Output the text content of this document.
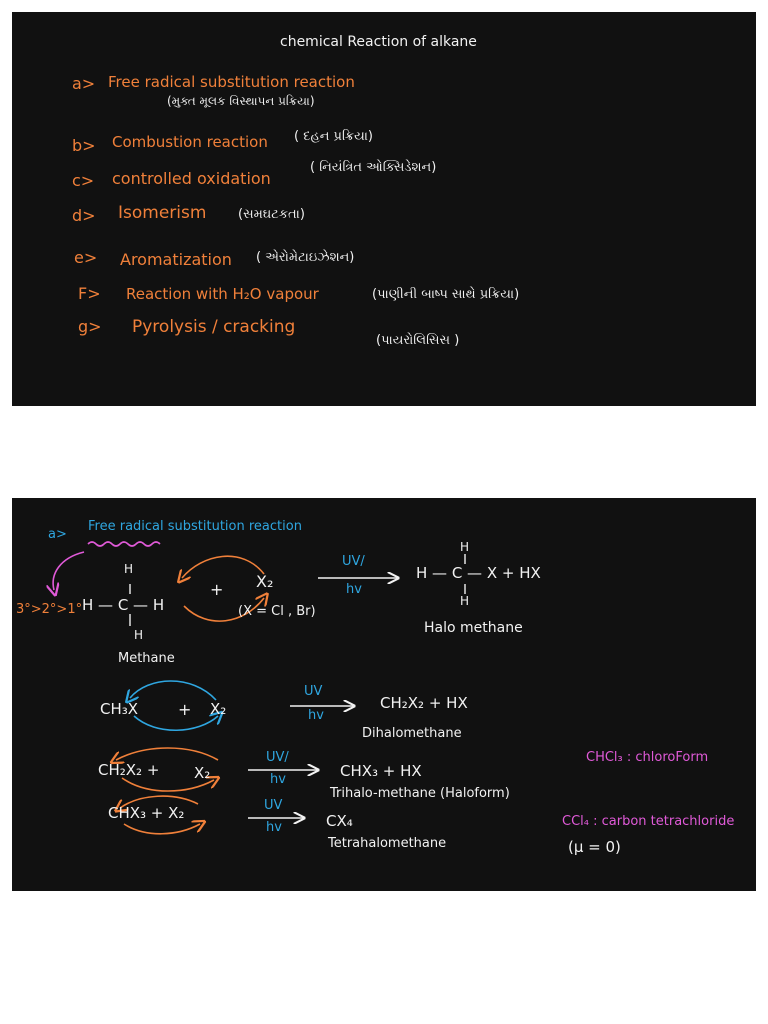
chemical Reaction of alkane
a> Free radical substitution reaction
(મુક્ત મૂલક વિસ્થાપન પ્રક્રિયા)
b> Combustion reaction ( દહન પ્રક્રિયા)
c> controlled oxidation
( નિયંત્રિત ઓક્સિડેશન)
d> Isomerism (સમઘટકતા)
e> Aromatization ( એરોમેટાઇઝેશન)
F> Reaction with H₂O vapour	(પાણીની બાષ્પ સાથે પ્રક્રિયા)
g> Pyrolysis / cracking
(પાયરોલિસિસ )
a>
Free radical substitution reaction
3°>2°>1°
H
H — C — H
H
Methane
+ X₂
(X = Cl , Br)
UV/
hv
H
H — C — X + HX
H
Halo methane
CH₃X + X₂
UV
hv
CH₂X₂ + HX
Dihalomethane
CH₂X₂ + X₂
UV/
hv	CHX₃ + HX
Trihalo-methane (Haloform)
CHX₃ + X₂	UV
hv	CX₄
Tetrahalomethane
CHCl₃ : chloroForm
CCl₄ : carbon tetrachloride
(μ = 0)
